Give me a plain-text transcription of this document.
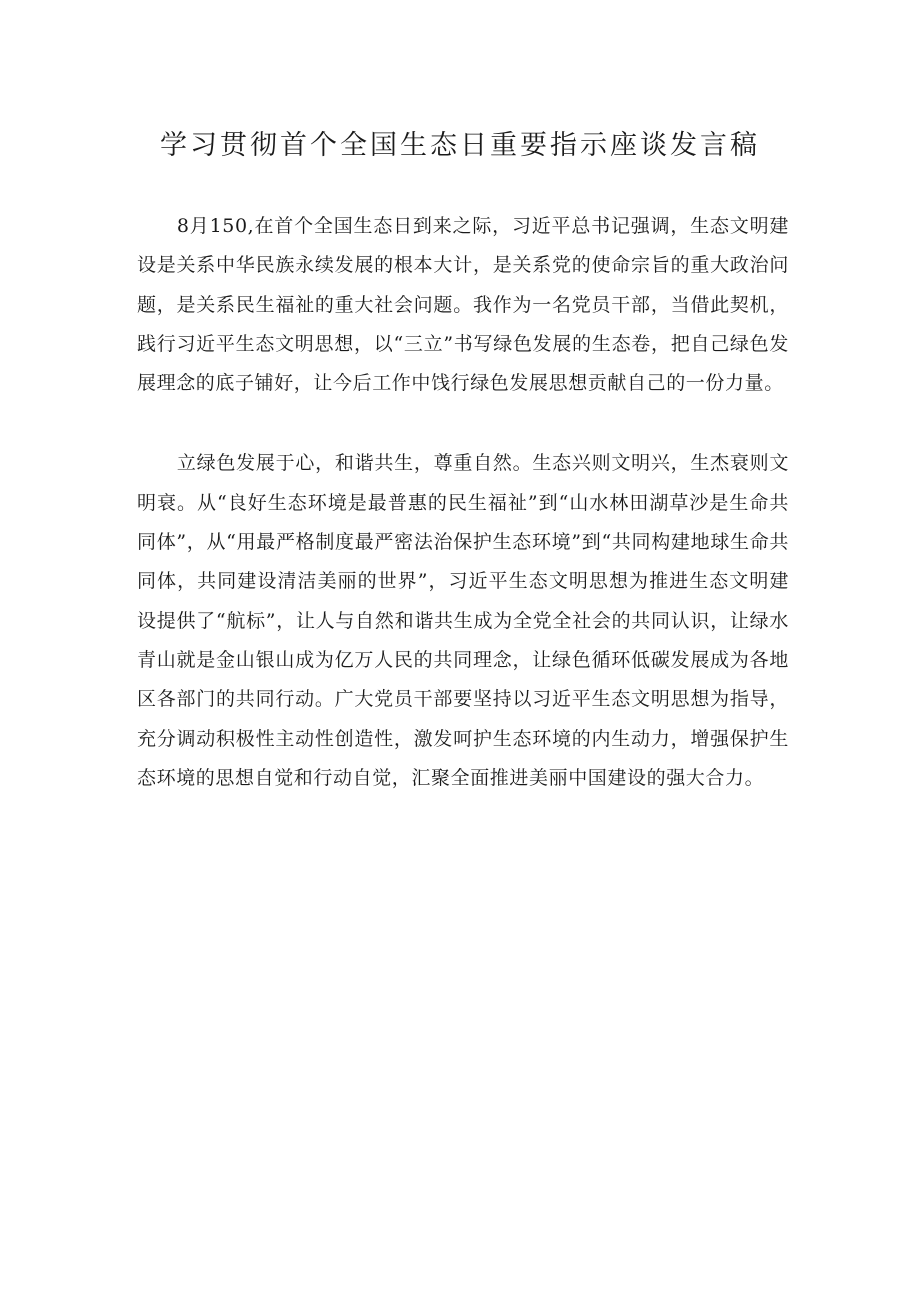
学习贯彻首个全国生态日重要指示座谈发言稿

8月150,在首个全国生态日到来之际，习近平总书记强调，生态文明建设是关系中华民族永续发展的根本大计，是关系党的使命宗旨的重大政治问题，是关系民生福祉的重大社会问题。我作为一名党员干部，当借此契机，践行习近平生态文明思想，以“三立”书写绿色发展的生态卷，把自己绿色发展理念的底子铺好，让今后工作中饯行绿色发展思想贡献自己的一份力量。

立绿色发展于心，和谐共生，尊重自然。生态兴则文明兴，生杰衰则文明衰。从“良好生态环境是最普惠的民生福祉”到“山水林田湖草沙是生命共同体”，从“用最严格制度最严密法治保护生态环境”到“共同构建地球生命共同体，共同建设清洁美丽的世界”，习近平生态文明思想为推进生态文明建设提供了“航标”，让人与自然和谐共生成为全党全社会的共同认识，让绿水青山就是金山银山成为亿万人民的共同理念，让绿色循环低碳发展成为各地区各部门的共同行动。广大党员干部要坚持以习近平生态文明思想为指导，充分调动积极性主动性创造性，激发呵护生态环境的内生动力，增强保护生态环境的思想自觉和行动自觉，汇聚全面推进美丽中国建设的强大合力。
